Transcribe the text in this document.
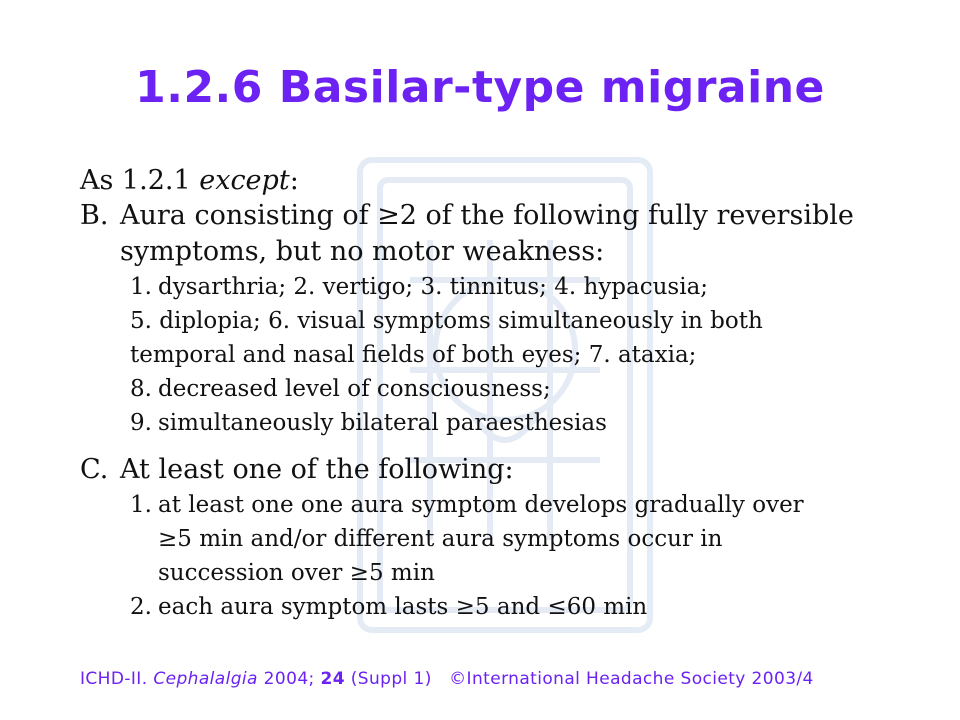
1.2.6 Basilar-type migraine
As 1.2.1 except:
B. Aura consisting of ≥2 of the following fully reversible
symptoms, but no motor weakness:
1. dysarthria; 2. vertigo; 3. tinnitus; 4. hypacusia;
5. diplopia; 6. visual symptoms simultaneously in both
temporal and nasal fields of both eyes; 7. ataxia;
8. decreased level of consciousness;
9. simultaneously bilateral paraesthesias
C. At least one of the following:
1. at least one one aura symptom develops gradually over
≥5 min and/or different aura symptoms occur in
succession over ≥5 min
2. each aura symptom lasts ≥5 and ≤60 min
ICHD-II. Cephalalgia 2004; 24 (Suppl 1) ©International Headache Society 2003/4
